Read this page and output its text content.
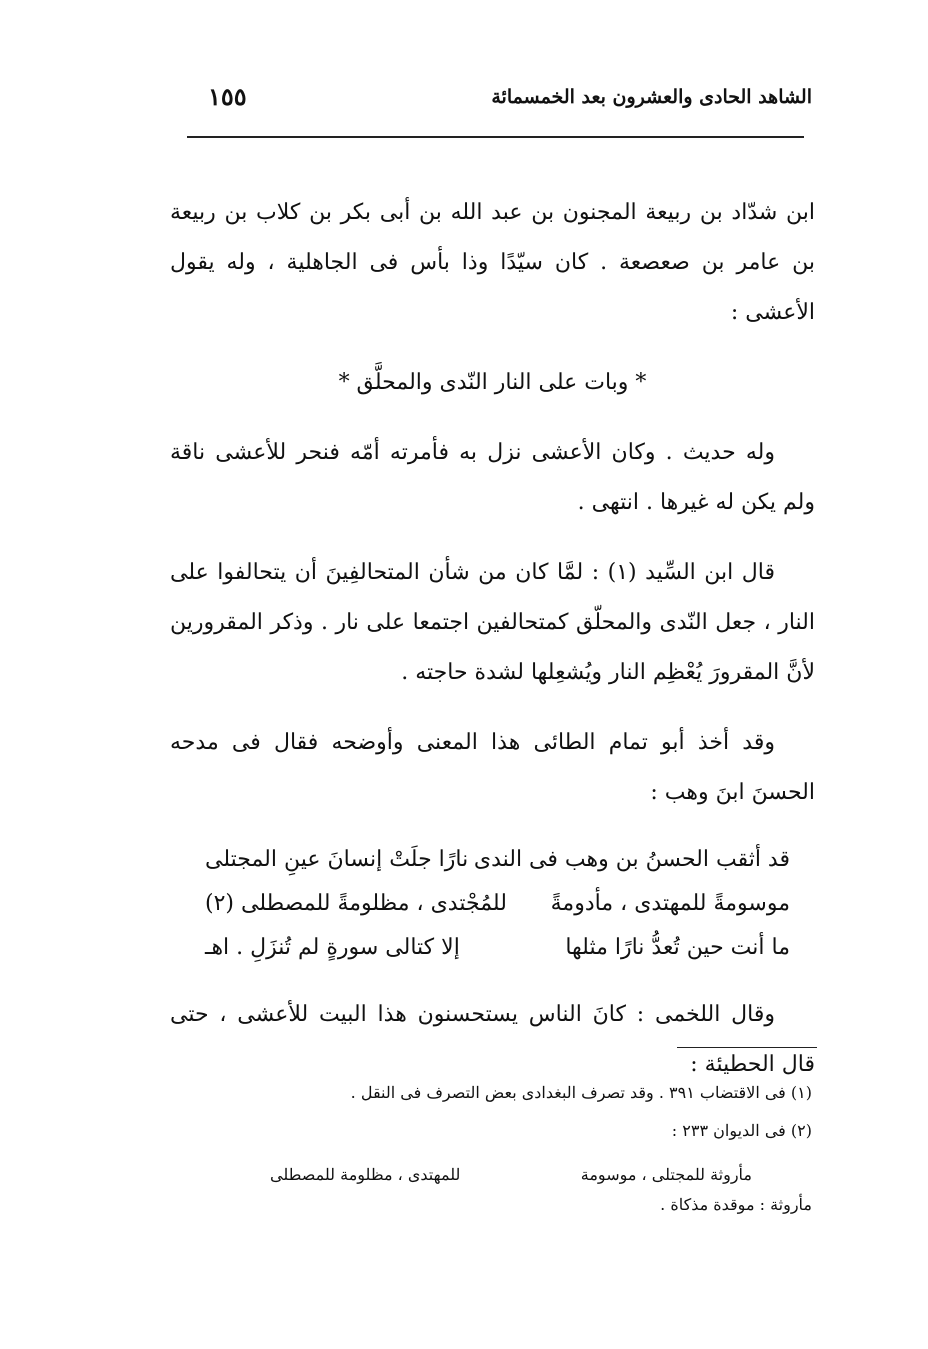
الشاهد الحادى والعشرون بعد الخمسمائة
١٥٥

ابن شدّاد بن ربيعة المجنون بن عبد الله بن أبى بكر بن كلاب بن ربيعة بن عامر بن صعصعة . كان سيّدًا وذا بأس فى الجاهلية ، وله يقول الأعشى :

* وبات على النار النّدى والمحلَّق *

وله حديث . وكان الأعشى نزل به فأمرته أمّه فنحر للأعشى ناقة ولم يكن له غيرها . انتهى .

قال ابن السِّيد (١) : لمَّا كان من شأن المتحالفِينَ أن يتحالفوا على النار ، جعل النّدى والمحلّق كمتحالفين اجتمعا على نار . وذكر المقرورين لأنَّ المقرورَ يُعْظِم النار ويُشعِلها لشدة حاجته .

وقد أخذ أبو تمام الطائى هذا المعنى وأوضحه فقال فى مدحه الحسنَ ابنَ وهب :

قد أثقب الحسنُ بن وهب فى الندى
نارًا جلَتْ إنسانَ عينِ المجتلى
موسومةً للمهتدى ، مأدومةً
للمُجْتدى ، مظلومةً للمصطلى (٢)
ما أنت حين تُعدُّ نارًا مثلها
إلا كتالى سورةٍ لم تُنزَلِ . اهـ

وقال اللخمى : كانَ الناس يستحسنون هذا البيت للأعشى ، حتى قال الحطيئة :

(١) فى الاقتضاب ٣٩١ . وقد تصرف البغدادى بعض التصرف فى النقل .

(٢) فى الديوان ٢٣٣ :

مأروثة للمجتلى ، موسومة
للمهتدى ، مظلومة للمصطلى

مأروثة : موقدة مذكاة .
